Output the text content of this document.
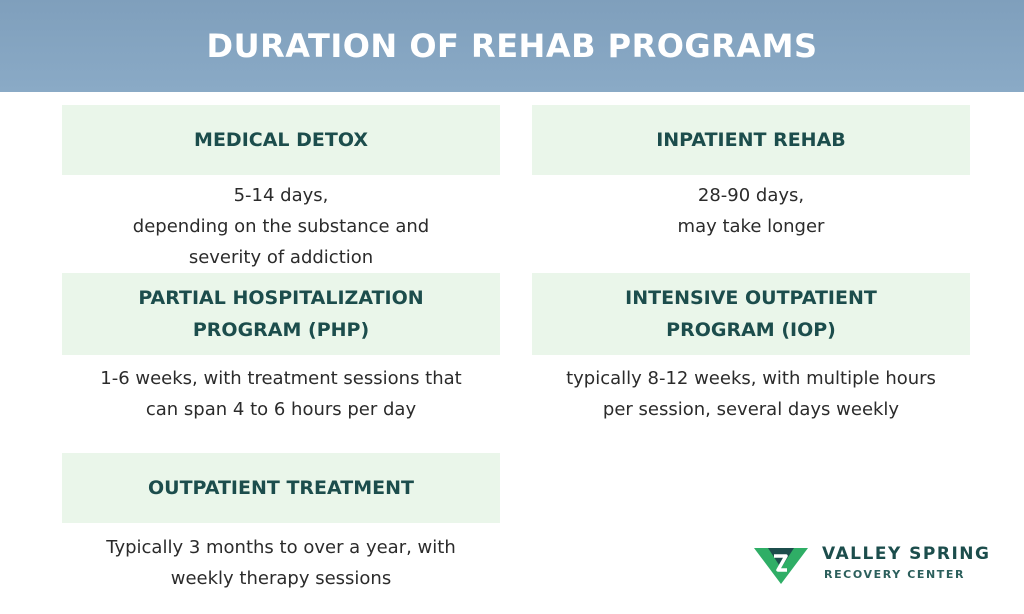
DURATION OF REHAB PROGRAMS
MEDICAL DETOX
5-14 days,
depending on the substance and
severity of addiction
INPATIENT REHAB
28-90 days,
may take longer
PARTIAL HOSPITALIZATION
PROGRAM (PHP)
1-6 weeks, with treatment sessions that
can span 4 to 6 hours per day
INTENSIVE OUTPATIENT
PROGRAM (IOP)
typically 8-12 weeks, with multiple hours
per session, several days weekly
OUTPATIENT TREATMENT
Typically 3 months to over a year, with
weekly therapy sessions
VALLEY SPRING
RECOVERY CENTER
